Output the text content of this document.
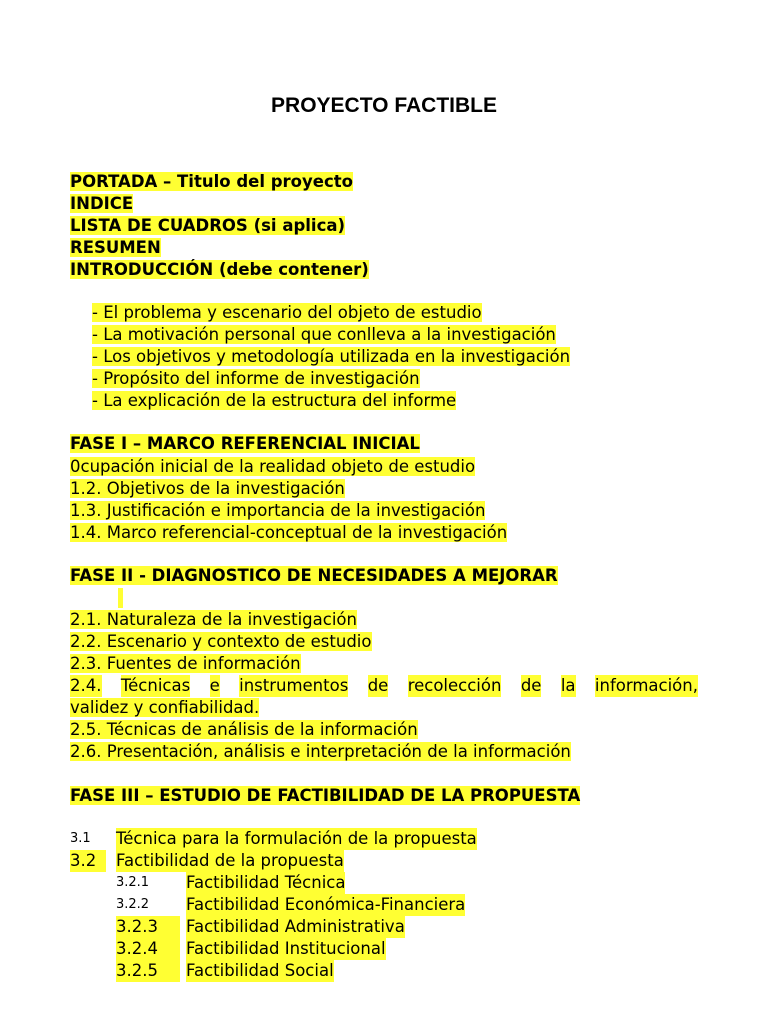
PROYECTO FACTIBLE
PORTADA – Titulo del proyecto
INDICE
LISTA DE CUADROS (si aplica)
RESUMEN
INTRODUCCIÓN (debe contener)
- El problema y escenario del objeto de estudio
- La motivación personal que conlleva a la investigación
- Los objetivos y metodología utilizada en la investigación
- Propósito del informe de investigación
- La explicación de la estructura del informe
FASE I – MARCO REFERENCIAL INICIAL
0cupación inicial de la realidad objeto de estudio
1.2. Objetivos de la investigación
1.3. Justificación e importancia de la investigación
1.4. Marco referencial-conceptual de la investigación
FASE II - DIAGNOSTICO DE NECESIDADES A MEJORAR
2.1. Naturaleza de la investigación
2.2. Escenario y contexto de estudio
2.3. Fuentes de información
2.4. Técnicas e instrumentos de recolección de la información,
validez y confiabilidad.
2.5. Técnicas de análisis de la información
2.6. Presentación, análisis e interpretación de la información
FASE III – ESTUDIO DE FACTIBILIDAD DE LA PROPUESTA
3.1 Técnica para la formulación de la propuesta
3.2	Factibilidad de la propuesta
3.2.1 Factibilidad Técnica
3.2.2 Factibilidad Económica-Financiera
3.2.3	Factibilidad Administrativa
3.2.4	Factibilidad Institucional
3.2.5	Factibilidad Social
